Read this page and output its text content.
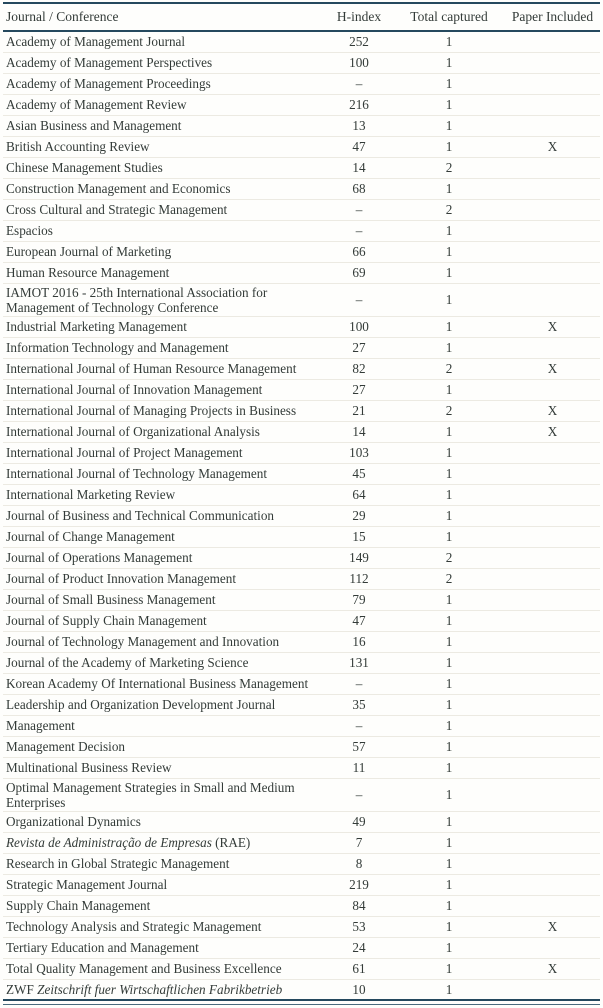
Journal / Conference	H-index	Total captured	Paper Included
Academy of Management Journal	252	1	
Academy of Management Perspectives	100	1	
Academy of Management Proceedings	–	1	
Academy of Management Review	216	1	
Asian Business and Management	13	1	
British Accounting Review	47	1	X
Chinese Management Studies	14	2	
Construction Management and Economics	68	1	
Cross Cultural and Strategic Management	–	2	
Espacios	–	1	
European Journal of Marketing	66	1	
Human Resource Management	69	1	
IAMOT 2016 - 25th International Association for Management of Technology Conference	–	1	
Industrial Marketing Management	100	1	X
Information Technology and Management	27	1	
International Journal of Human Resource Management	82	2	X
International Journal of Innovation Management	27	1	
International Journal of Managing Projects in Business	21	2	X
International Journal of Organizational Analysis	14	1	X
International Journal of Project Management	103	1	
International Journal of Technology Management	45	1	
International Marketing Review	64	1	
Journal of Business and Technical Communication	29	1	
Journal of Change Management	15	1	
Journal of Operations Management	149	2	
Journal of Product Innovation Management	112	2	
Journal of Small Business Management	79	1	
Journal of Supply Chain Management	47	1	
Journal of Technology Management and Innovation	16	1	
Journal of the Academy of Marketing Science	131	1	
Korean Academy Of International Business Management	–	1	
Leadership and Organization Development Journal	35	1	
Management	–	1	
Management Decision	57	1	
Multinational Business Review	11	1	
Optimal Management Strategies in Small and Medium Enterprises	–	1	
Organizational Dynamics	49	1	
Revista de Administração de Empresas (RAE)	7	1	
Research in Global Strategic Management	8	1	
Strategic Management Journal	219	1	
Supply Chain Management	84	1	
Technology Analysis and Strategic Management	53	1	X
Tertiary Education and Management	24	1	
Total Quality Management and Business Excellence	61	1	X
ZWF Zeitschrift fuer Wirtschaftlichen Fabrikbetrieb	10	1	
